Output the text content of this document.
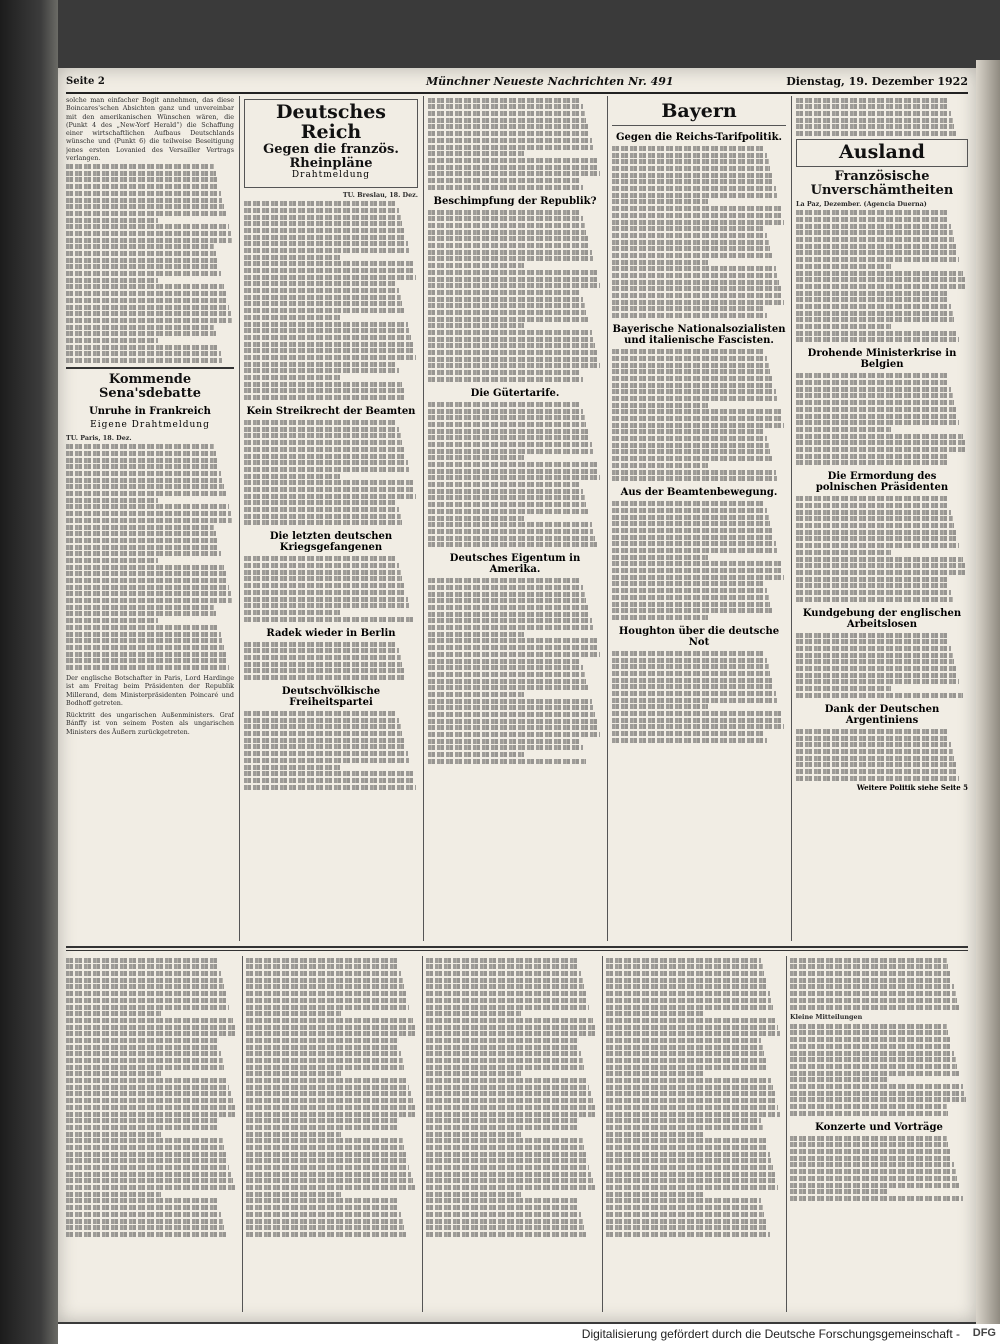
Seite 2	Münchner Neueste Nachrichten Nr. 491	Dienstag, 19. Dezember 1922
solche man einfacher Bogit annehmen, das diese Boincares'schen Absichten ganz und unvereinbar mit den amerikanischen Wünschen wären, die (Punkt 4 des „New-Yorf Herald“) die Schaffung einer wirtschaftlichen Aufbaus Deutschlands wünsche und (Punkt 6) die teilweise Beseitigung jenes ersten Lovanied des Versailler Vertrags verlangen.
Kommende Sena'sdebatte
Unruhe in Frankreich
Eigene Drahtmeldung
TU. Paris, 18. Dez.
Der englische Botschafter in Paris, Lord Hardinge ist am Freitag beim Präsidenten der Republik Millerand, dem Ministerpräsidenten Poincaré und Bodhoff getreten.
Rücktritt des ungarischen Außenministers. Graf Bánffy ist von seinem Posten als ungarischen Ministers des Äußern zurückgetreten.
Deutsches Reich
Gegen die französ. Rheinpläne
Drahtmeldung
TU. Breslau, 18. Dez.
Kein Streikrecht der Beamten
Die letzten deutschen Kriegsgefangenen
Radek wieder in Berlin
Deutschvölkische Freiheitspartei
Beschimpfung der Republik?
Die Gütertarife.
Deutsches Eigentum in Amerika.
Bayern
Gegen die Reichs-Tarifpolitik.
Bayerische Nationalsozialisten und italienische Fascisten.
Aus der Beamtenbewegung.
Houghton über die deutsche Not
Ausland
Französische Unverschämtheiten
La Paz, Dezember. (Agencia Duerna)
Drohende Ministerkrise in Belgien
Die Ermordung des polnischen Präsidenten
Kundgebung der englischen Arbeitslosen
Dank der Deutschen Argentiniens
Weitere Politik siehe Seite 5
Kleine Mitteilungen
Konzerte und Vorträge
Digitalisierung gefördert durch die Deutsche Forschungsgemeinschaft - DFG
